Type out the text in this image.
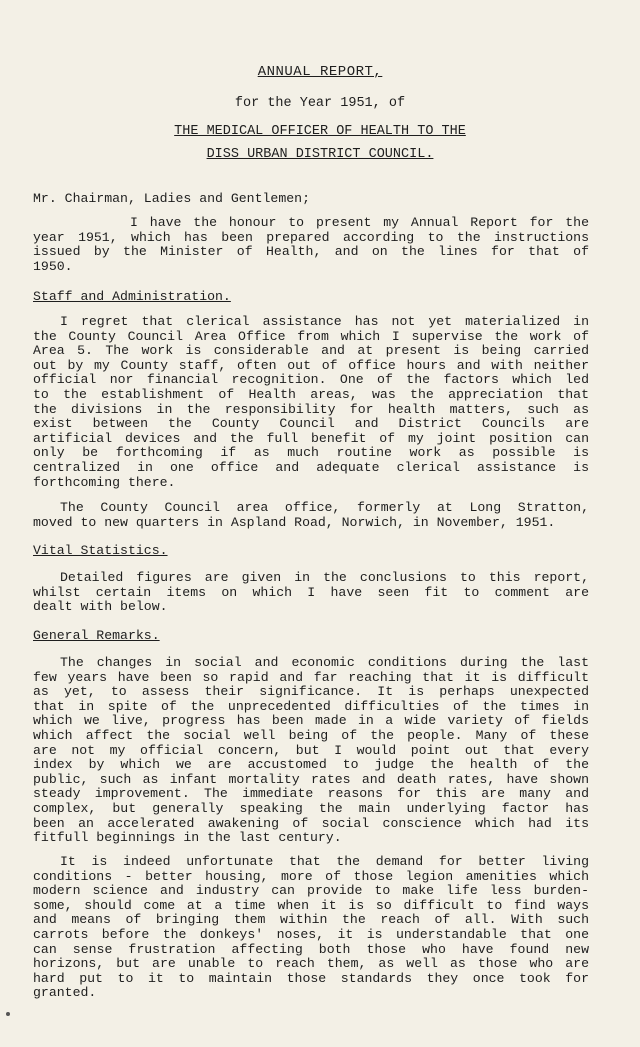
ANNUAL REPORT,
for the Year 1951, of
THE MEDICAL OFFICER OF HEALTH TO THE
DISS URBAN DISTRICT COUNCIL.
Mr. Chairman, Ladies and Gentlemen;
I have the honour to present my Annual Report for the
year 1951, which has been prepared according to the instructions
issued by the Minister of Health, and on the lines for that of
1950.
Staff and Administration.
I regret that clerical assistance has not yet materialized in
the County Council Area Office from which I supervise the work of
Area 5. The work is considerable and at present is being carried
out by my County staff, often out of office hours and with neither
official nor financial recognition. One of the factors which led
to the establishment of Health areas, was the appreciation that
the divisions in the responsibility for health matters, such as
exist between the County Council and District Councils are
artificial devices and the full benefit of my joint position can
only be forthcoming if as much routine work as possible is
centralized in one office and adequate clerical assistance is
forthcoming there.
The County Council area office, formerly at Long Stratton,
moved to new quarters in Aspland Road, Norwich, in November, 1951.
Vital Statistics.
Detailed figures are given in the conclusions to this report,
whilst certain items on which I have seen fit to comment are
dealt with below.
General Remarks.
The changes in social and economic conditions during the last
few years have been so rapid and far reaching that it is difficult
as yet, to assess their significance. It is perhaps unexpected
that in spite of the unprecedented difficulties of the times in
which we live, progress has been made in a wide variety of fields
which affect the social well being of the people. Many of these
are not my official concern, but I would point out that every
index by which we are accustomed to judge the health of the
public, such as infant mortality rates and death rates, have shown
steady improvement. The immediate reasons for this are many and
complex, but generally speaking the main underlying factor has
been an accelerated awakening of social conscience which had its
fitfull beginnings in the last century.
It is indeed unfortunate that the demand for better living
conditions - better housing, more of those legion amenities which
modern science and industry can provide to make life less burden-
some, should come at a time when it is so difficult to find ways
and means of bringing them within the reach of all. With such
carrots before the donkeys' noses, it is understandable that one
can sense frustration affecting both those who have found new
horizons, but are unable to reach them, as well as those who are
hard put to it to maintain those standards they once took for
granted.
